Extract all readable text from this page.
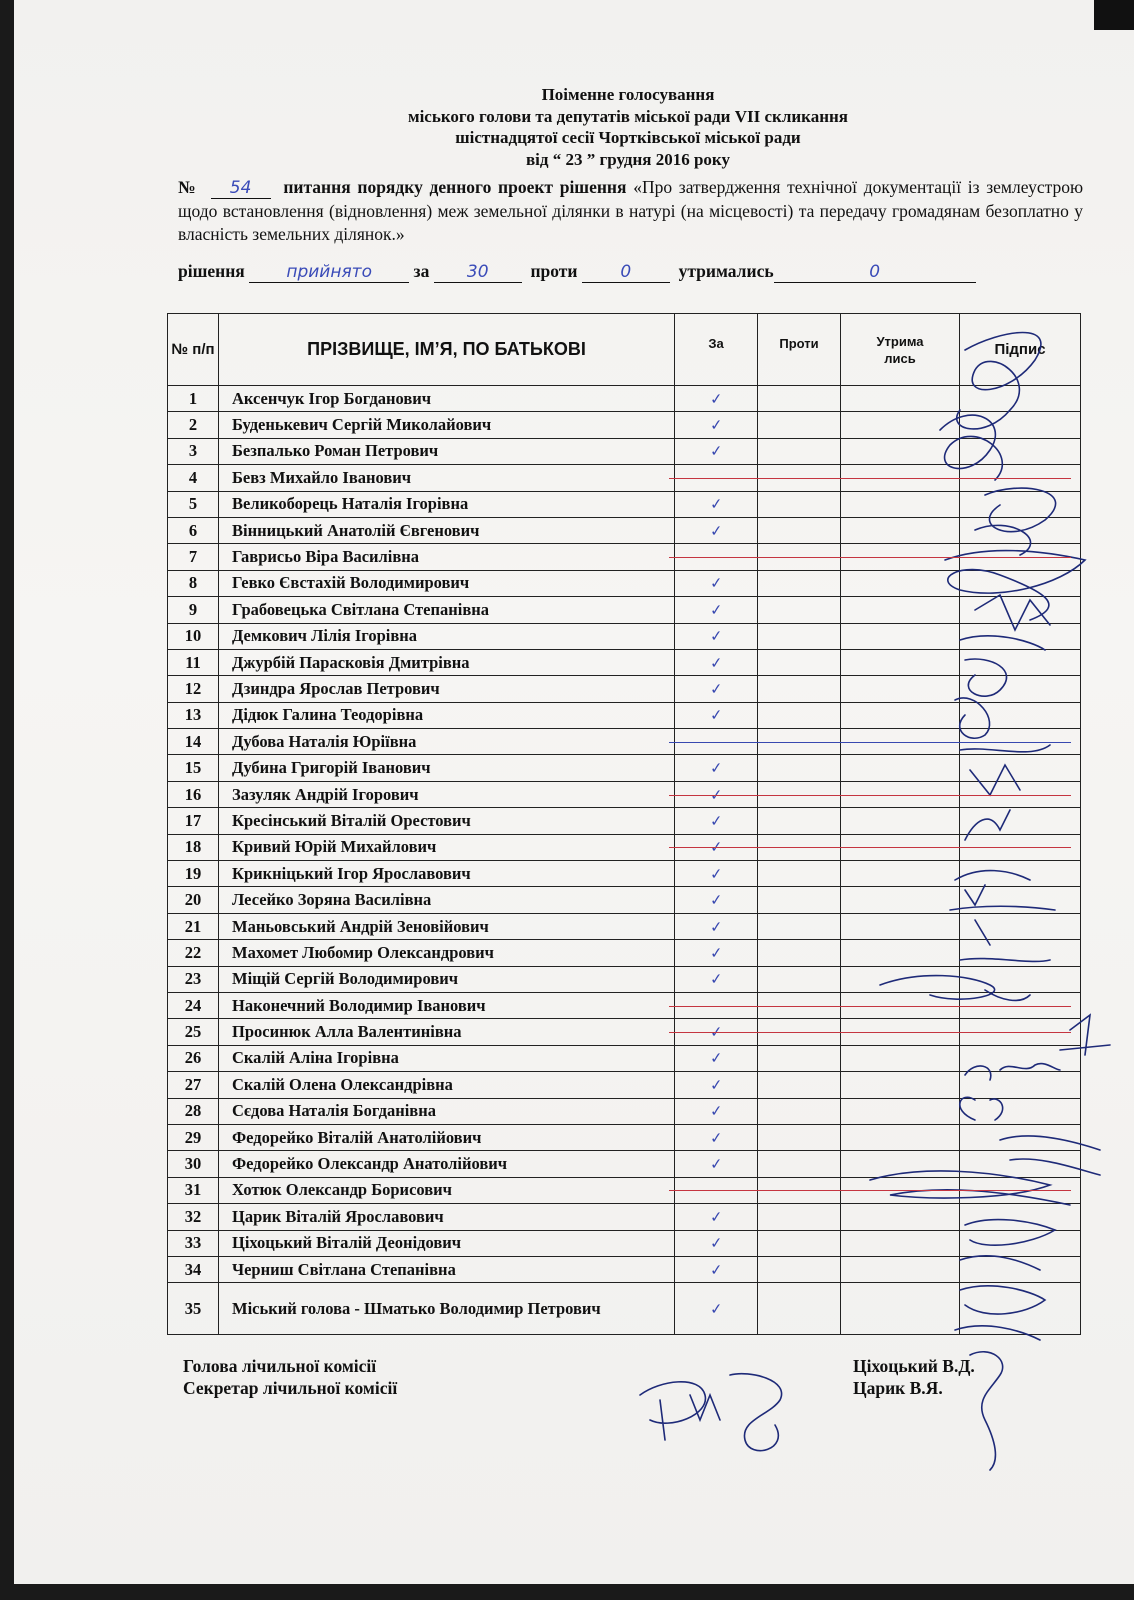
Поіменне голосування
міського голови та депутатів міської ради VII скликання
шістнадцятої сесії Чортківської міської ради
від “ 23 ” грудня 2016 року
№ 54 питання порядку денного проект рішення «Про затвердження технічної документації із землеустрою щодо встановлення (відновлення) меж земельної ділянки в натурі (на місцевості) та передачу громадянам безоплатно у власність земельних ділянок.»
рішення прийнято за 30 проти	0	утримались	0
№ п/п	ПРІЗВИЩЕ, ІМ’Я, ПО БАТЬКОВІ	За	Проти	Утрима лись	Підпис
1	Аксенчук Ігор Богданович	✓			
2	Буденькевич Сергій Миколайович	✓			
3	Безпалько Роман Петрович	✓			
4	Бевз Михайло Іванович				
5	Великоборець Наталія Ігорівна	✓			
6	Вінницький Анатолій Євгенович	✓			
7	Гаврисьо Віра Василівна				
8	Гевко Євстахій Володимирович	✓			
9	Грабовецька Світлана Степанівна	✓			
10	Демкович Лілія Ігорівна	✓			
11	Джурбій Парасковія Дмитрівна	✓			
12	Дзиндра Ярослав Петрович	✓			
13	Дідюк Галина Теодорівна	✓			
14	Дубова Наталія Юріївна				
15	Дубина Григорій Іванович	✓			
16	Зазуляк Андрій Ігорович	✓			
17	Кресінський Віталій Орестович	✓			
18	Кривий Юрій Михайлович	✓			
19	Крикніцький Ігор Ярославович	✓			
20	Лесейко Зоряна Василівна	✓			
21	Маньовський Андрій Зеновійович	✓			
22	Махомет Любомир Олександрович	✓			
23	Міщій Сергій Володимирович	✓			
24	Наконечний Володимир Іванович				
25	Просинюк Алла Валентинівна	✓			
26	Скалій Аліна Ігорівна	✓			
27	Скалій Олена Олександрівна	✓			
28	Сєдова Наталія Богданівна	✓			
29	Федорейко Віталій Анатолійович	✓			
30	Федорейко Олександр Анатолійович	✓			
31	Хотюк Олександр Борисович				
32	Царик Віталій Ярославович	✓			
33	Ціхоцький Віталій Деонідович	✓			
34	Черниш Світлана Степанівна	✓			
35	Міський голова - Шматько Володимир Петрович	✓			
Голова лічильної комісії	Ціхоцький В.Д.
Секретар лічильної комісії	Царик В.Я.
